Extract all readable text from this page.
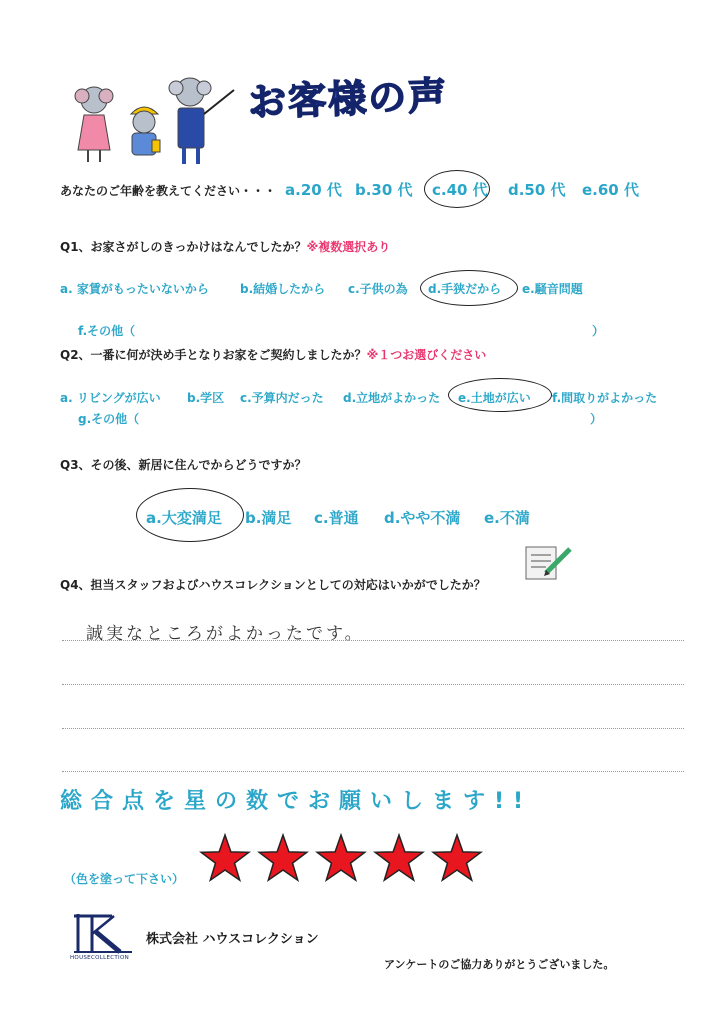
お客様の声
あなたのご年齢を教えてください・・・ a.20 代 b.30 代 c.40 代 d.50 代 e.60 代
Q1、お家さがしのきっかけはなんでしたか？※複数選択あり
a. 家賃がもったいないから	b.結婚したから c.子供の為 d.手狭だから e.騒音問題
f.その他（	）
Q2、一番に何が決め手となりお家をご契約しましたか？※１つお選びください
a. リビングが広い b.学区 c.予算内だった d.立地がよかった e.土地が広い f.間取りがよかった
g.その他（	）
Q3、その後、新居に住んでからどうですか？
a.大変満足 b.満足 c.普通 d.やや不満 e.不満
Q4、担当スタッフおよびハウスコレクションとしての対応はいかがでしたか？
誠実なところがよかったです。
総合点を星の数でお願いします!!
（色を塗って下さい）
HOUSECOLLECTION
株式会社 ハウスコレクション
アンケートのご協力ありがとうございました。
